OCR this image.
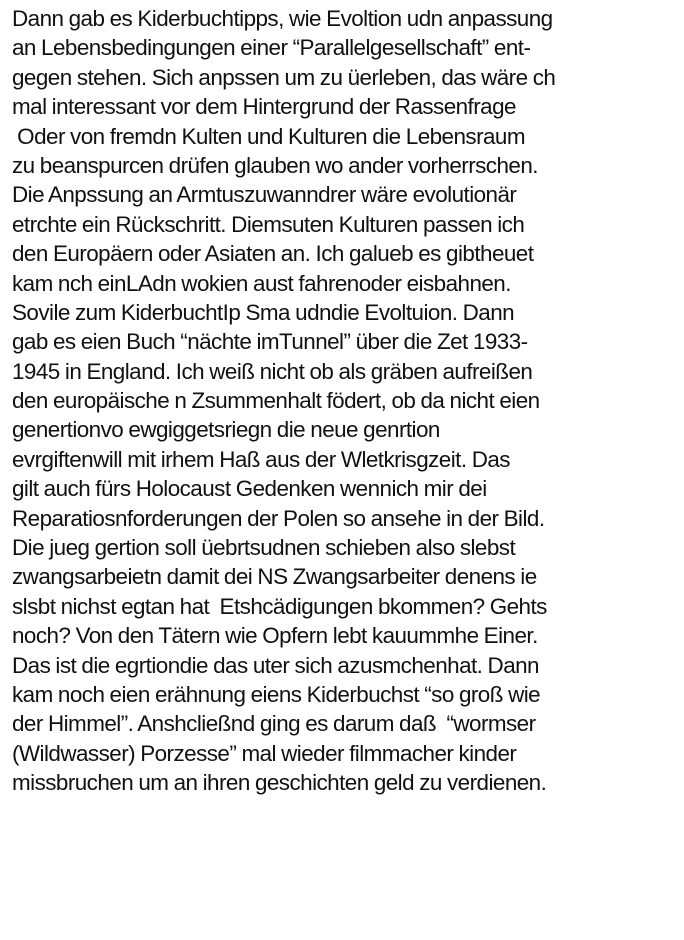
Dann gab es Kiderbuchtipps, wie Evoltion udn anpassung
an Lebensbedingungen einer “Parallelgesellschaft” ent-
gegen stehen. Sich anpssen um zu üerleben, das wäre ch
mal interessant vor dem Hintergrund der Rassenfrage
Oder von fremdn Kulten und Kulturen die Lebensraum
zu beanspurcen drüfen glauben wo ander vorherrschen.
Die Anpssung an Armtuszuwanndrer wäre evolutionär
etrchte ein Rückschritt. Diemsuten Kulturen passen ich
den Europäern oder Asiaten an. Ich galueb es gibtheuet
kam nch einLAdn wokien aust fahrenoder eisbahnen.
Sovile zum KiderbuchtIp Sma udndie Evoltuion. Dann
gab es eien Buch “nächte imTunnel” über die Zet 1933-
1945 in England. Ich weiß nicht ob als gräben aufreißen
den europäische n Zsummenhalt födert, ob da nicht eien
genertionvo ewgiggetsriegn die neue genrtion
evrgiftenwill mit irhem Haß aus der Wletkrisgzeit. Das
gilt auch fürs Holocaust Gedenken wennich mir dei
Reparatiosnforderungen der Polen so ansehe in der Bild.
Die jueg gertion soll üebrtsudnen schieben also slebst
zwangsarbeietn damit dei NS Zwangsarbeiter denens ie
slsbt nichst egtan hat  Etshcädigungen bkommen? Gehts
noch? Von den Tätern wie Opfern lebt kauummhe Einer.
Das ist die egrtiondie das uter sich azusmchenhat. Dann
kam noch eien erähnung eiens Kiderbuchst “so groß wie
der Himmel”. Anshcließnd ging es darum daß  “wormser
(Wildwasser) Porzesse” mal wieder filmmacher kinder
missbruchen um an ihren geschichten geld zu verdienen.
